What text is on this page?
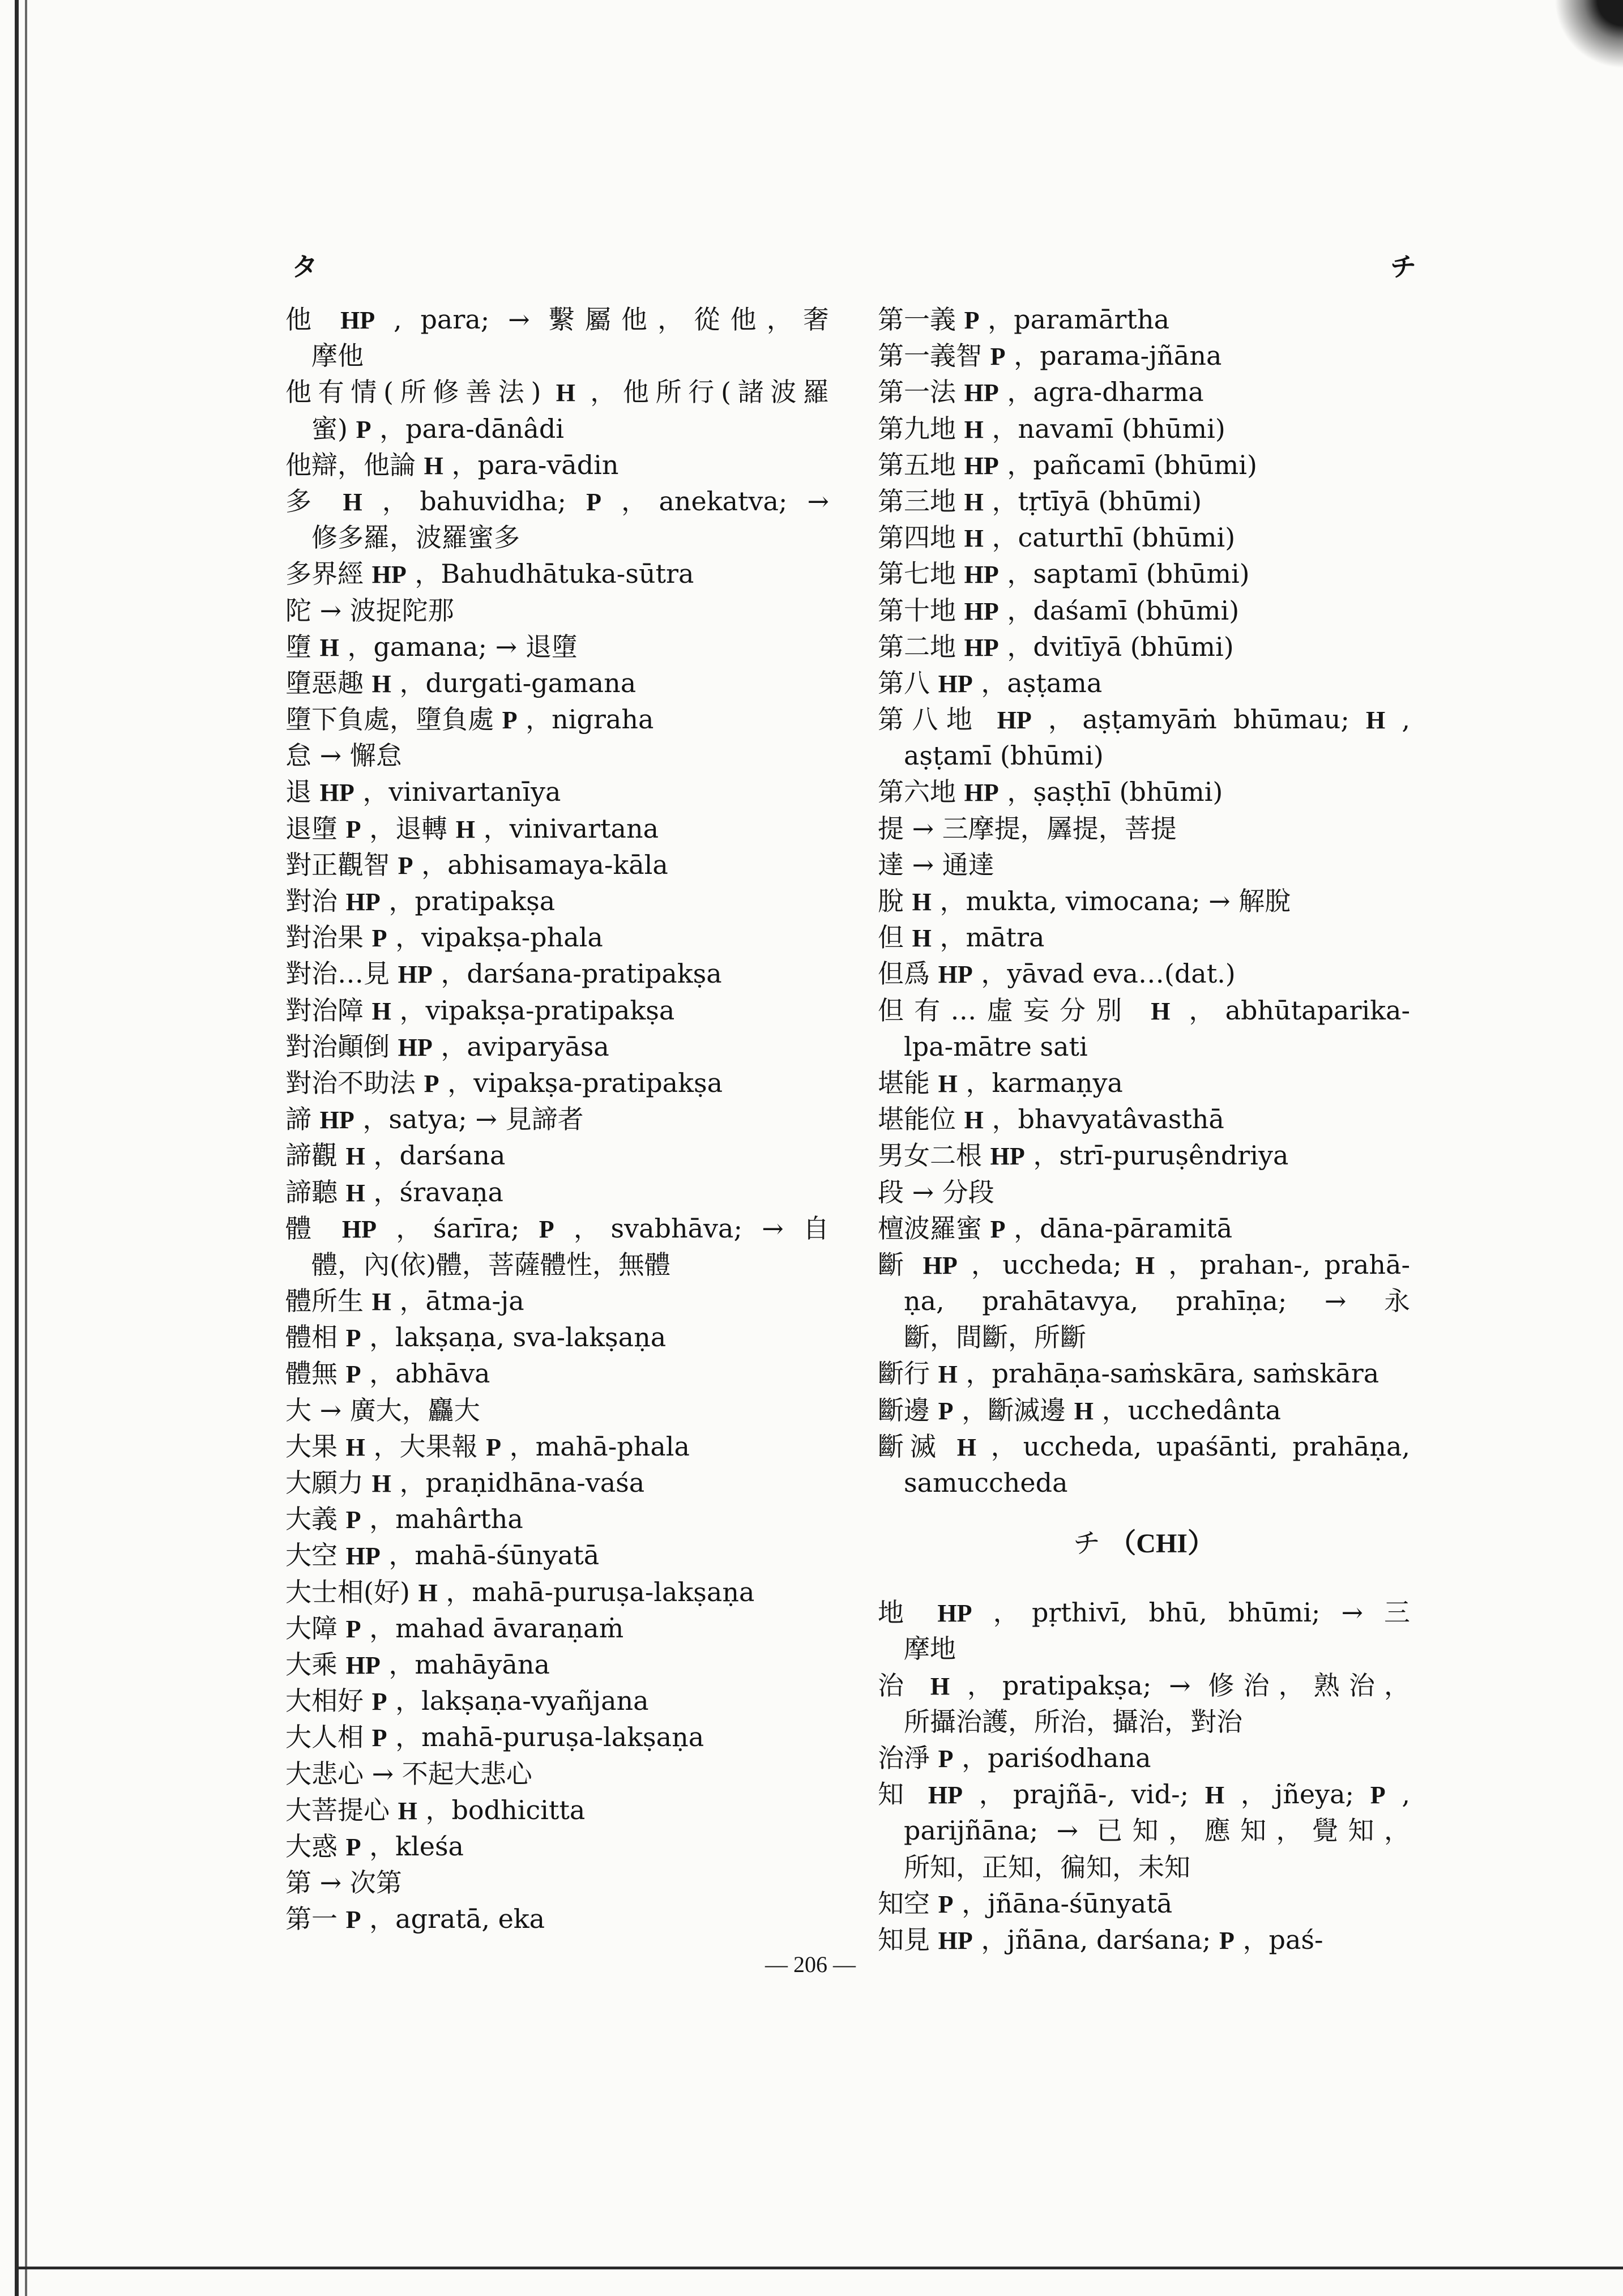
タ	チ
他 HP , para; → 繫屬他，從他，奢
摩他
他有情(所修善法) H ，他所行(諸波羅
蜜) P ，para-dānâdi
他辯，他論 H ，para-vādin
多 H ，bahuvidha; P ，anekatva; →
修多羅，波羅蜜多
多界經 HP ，Bahudhātuka-sūtra
陀 → 波捉陀那
墮 H ，gamana; → 退墮
墮惡趣 H ，durgati-gamana
墮下負處，墮負處 P ，nigraha
怠 → 懈怠
退 HP ，vinivartanīya
退墮 P ，退轉 H ，vinivartana
對正觀智 P ，abhisamaya-kāla
對治 HP ，pratipakṣa
對治果 P ，vipakṣa-phala
對治…見 HP ，darśana-pratipakṣa
對治障 H ，vipakṣa-pratipakṣa
對治顚倒 HP ，aviparyāsa
對治不助法 P ，vipakṣa-pratipakṣa
諦 HP ，satya; → 見諦者
諦觀 H ，darśana
諦聽 H ，śravaṇa
體 HP ，śarīra; P ，svabhāva; → 自
體，內(依)體，菩薩體性，無體
體所生 H ，ātma-ja
體相 P ，lakṣaṇa, sva-lakṣaṇa
體無 P ，abhāva
大 → 廣大，麤大
大果 H ，大果報 P ，mahā-phala
大願力 H ，praṇidhāna-vaśa
大義 P ，mahârtha
大空 HP ，mahā-śūnyatā
大士相(好) H ，mahā-puruṣa-lakṣaṇa
大障 P ，mahad āvaraṇaṁ
大乘 HP ，mahāyāna
大相好 P ，lakṣaṇa-vyañjana
大人相 P ，mahā-puruṣa-lakṣaṇa
大悲心 → 不起大悲心
大菩提心 H ，bodhicitta
大惑 P ，kleśa
第 → 次第
第一 P ，agratā, eka
第一義 P ，paramārtha
第一義智 P ，parama-jñāna
第一法 HP ，agra-dharma
第九地 H ，navamī (bhūmi)
第五地 HP ，pañcamī (bhūmi)
第三地 H ，tṛtīyā (bhūmi)
第四地 H ，caturthī (bhūmi)
第七地 HP ，saptamī (bhūmi)
第十地 HP ，daśamī (bhūmi)
第二地 HP ，dvitīyā (bhūmi)
第八 HP ，aṣṭama
第八地 HP ，aṣṭamyāṁ bhūmau; H ,
aṣṭamī (bhūmi)
第六地 HP ，ṣaṣṭhī (bhūmi)
提 → 三摩提，羼提，菩提
達 → 通達
脫 H ，mukta, vimocana; → 解脫
但 H ，mātra
但爲 HP ，yāvad eva…(dat.)
但有…虛妄分別 H ，abhūtaparika-
lpa-mātre sati
堪能 H ，karmaṇya
堪能位 H ，bhavyatâvasthā
男女二根 HP ，strī-puruṣêndriya
段 → 分段
檀波羅蜜 P ，dāna-pāramitā
斷 HP ，uccheda; H ，prahan-, prahā-
ṇa, prahātavya, prahīṇa; → 永
斷，間斷，所斷
斷行 H ，prahāṇa-saṁskāra, saṁskāra
斷邊 P ，斷滅邊 H ，ucchedânta
斷滅 H ，uccheda, upaśānti, prahāṇa,
samuccheda
チ （CHI）
地 HP ，pṛthivī, bhū, bhūmi; → 三
摩地
治 H ，pratipakṣa; → 修治，熟治，
所攝治護，所治，攝治，對治
治淨 P ，pariśodhana
知 HP ，prajñā-, vid-; H ，jñeya; P ,
parijñāna; → 已知，應知，覺知，
所知，正知，徧知，未知
知空 P ，jñāna-śūnyatā
知見 HP ，jñāna, darśana; P ，paś-
— 206 —
